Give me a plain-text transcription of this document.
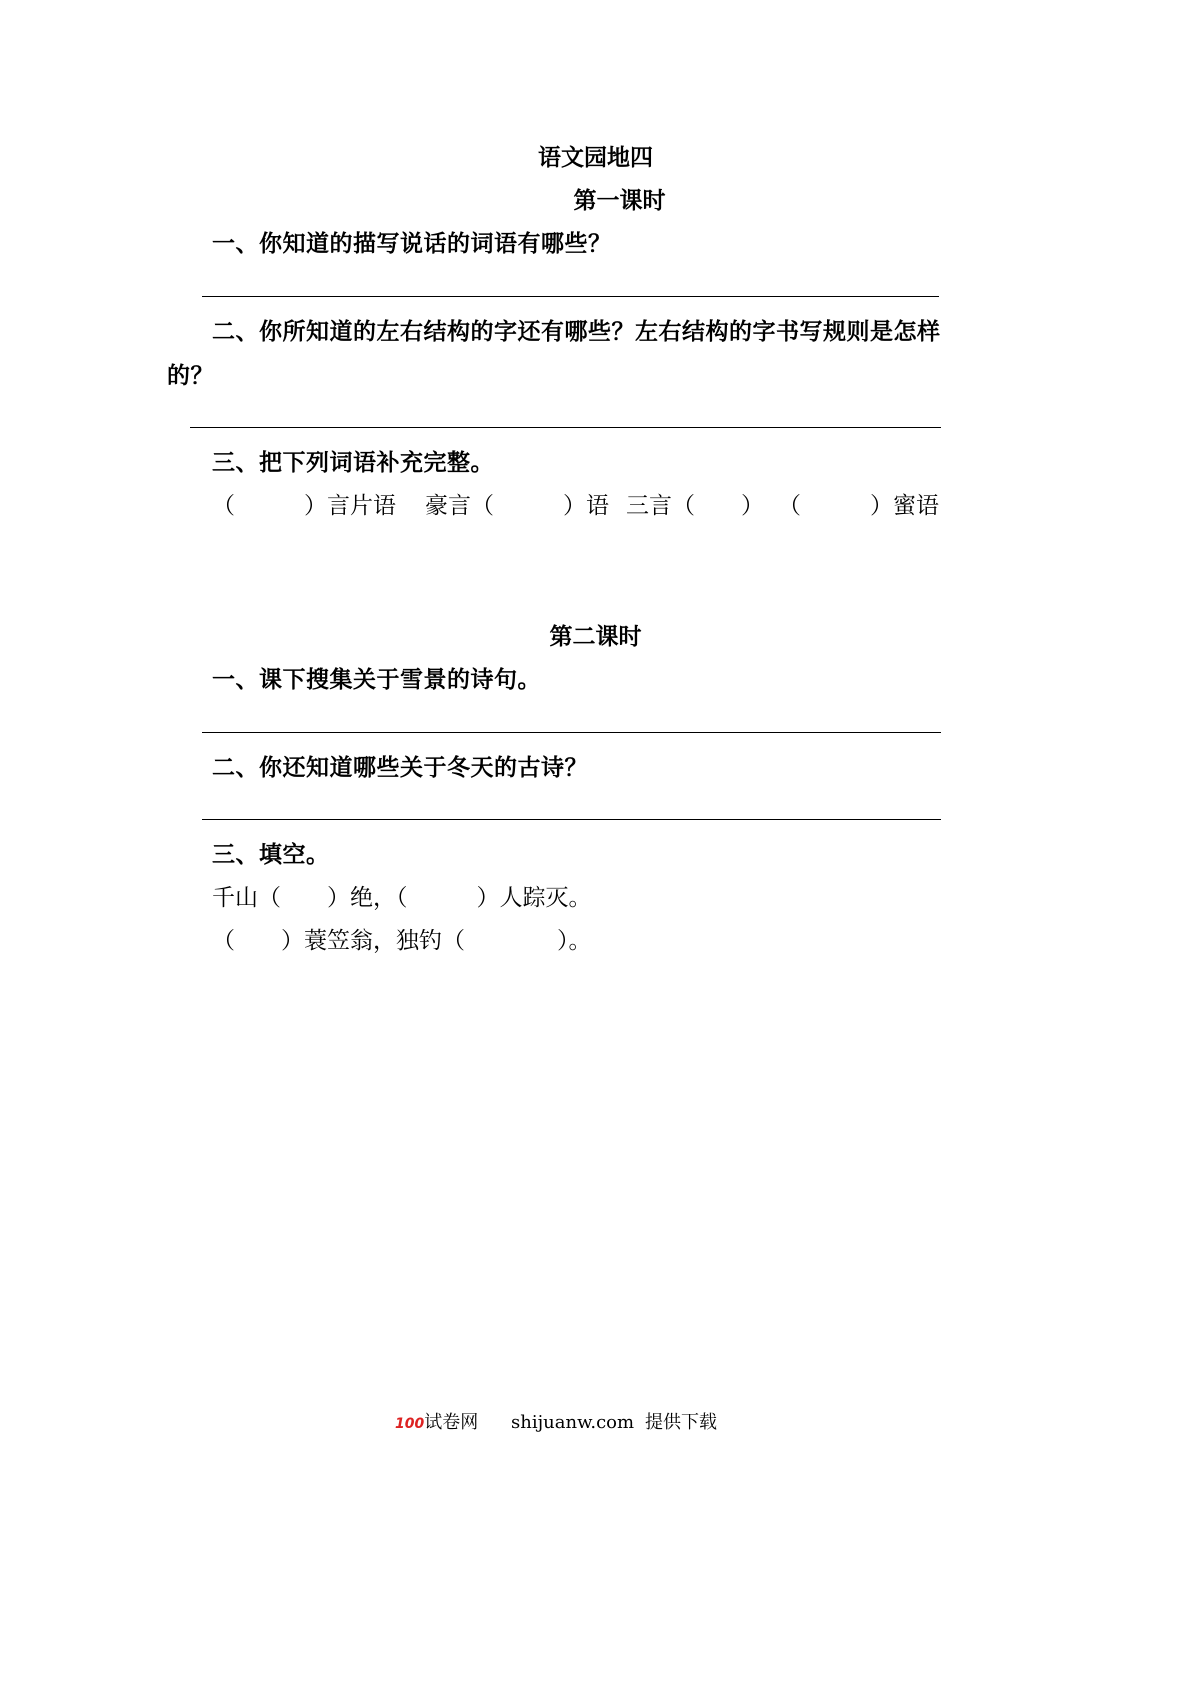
语文园地四
第一课时
一、你知道的描写说话的词语有哪些？
二、你所知道的左右结构的字还有哪些？左右结构的字书写规则是怎样
的？
三、把下列词语补充完整。
（　　　）言片语 豪言（　　　）语 三言（　　） （　　　）蜜语
第二课时
一、课下搜集关于雪景的诗句。
二、你还知道哪些关于冬天的古诗？
三、填空。
千山（　　）绝，（　　　）人踪灭。
（　　）蓑笠翁，独钓（　　　　）。
100试卷网 shijuanw.com 提供下载
